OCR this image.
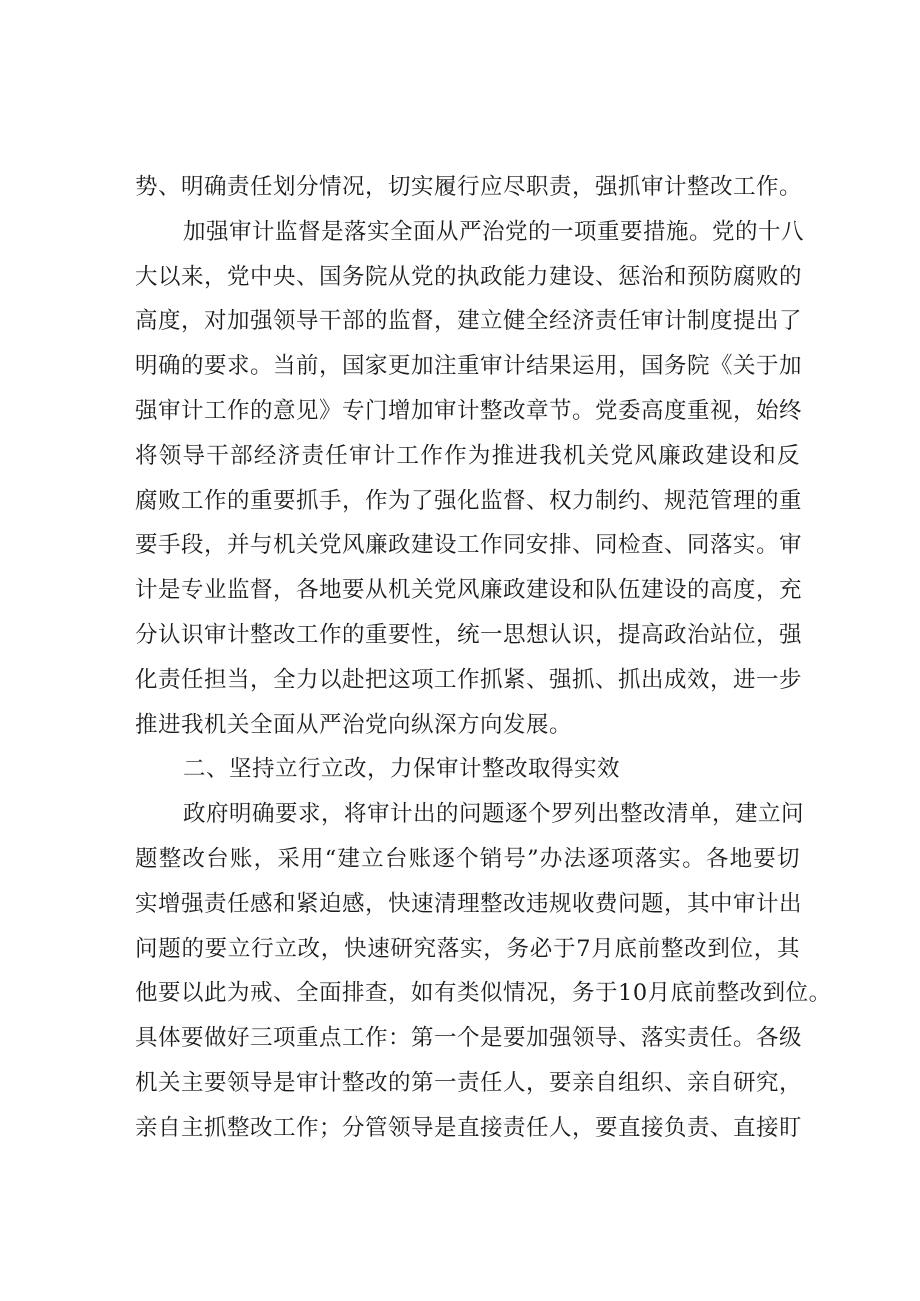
势、明确责任划分情况，切实履行应尽职责，强抓审计整改工作。
加强审计监督是落实全面从严治党的一项重要措施。党的十八
大以来，党中央、国务院从党的执政能力建设、惩治和预防腐败的
高度，对加强领导干部的监督，建立健全经济责任审计制度提出了
明确的要求。当前，国家更加注重审计结果运用，国务院《关于加
强审计工作的意见》专门增加审计整改章节。党委高度重视，始终
将领导干部经济责任审计工作作为推进我机关党风廉政建设和反
腐败工作的重要抓手，作为了强化监督、权力制约、规范管理的重
要手段，并与机关党风廉政建设工作同安排、同检查、同落实。审
计是专业监督，各地要从机关党风廉政建设和队伍建设的高度，充
分认识审计整改工作的重要性，统一思想认识，提高政治站位，强
化责任担当，全力以赴把这项工作抓紧、强抓、抓出成效，进一步
推进我机关全面从严治党向纵深方向发展。
二、坚持立行立改，力保审计整改取得实效
政府明确要求，将审计出的问题逐个罗列出整改清单，建立问
题整改台账，采用“建立台账逐个销号”办法逐项落实。各地要切
实增强责任感和紧迫感，快速清理整改违规收费问题，其中审计出
问题的要立行立改，快速研究落实，务必于7月底前整改到位，其
他要以此为戒、全面排查，如有类似情况，务于10月底前整改到位。
具体要做好三项重点工作：第一个是要加强领导、落实责任。各级
机关主要领导是审计整改的第一责任人，要亲自组织、亲自研究，
亲自主抓整改工作；分管领导是直接责任人，要直接负责、直接盯
